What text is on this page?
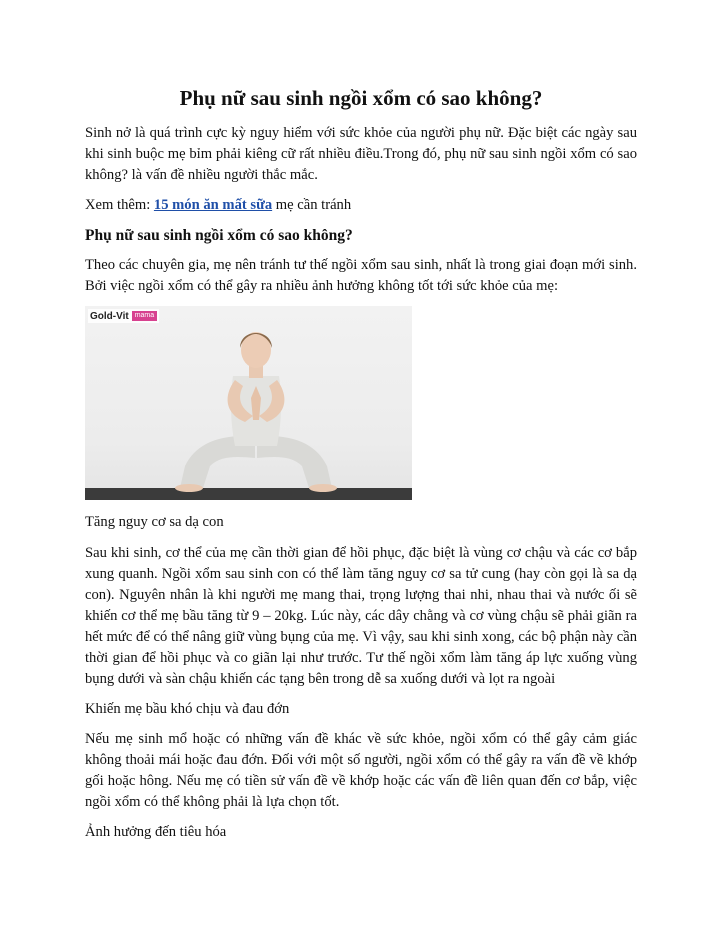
Phụ nữ sau sinh ngồi xổm có sao không?

Sinh nở là quá trình cực kỳ nguy hiểm với sức khỏe của người phụ nữ. Đặc biệt các ngày sau khi sinh buộc mẹ bỉm phải kiêng cữ rất nhiều điều.Trong đó, phụ nữ sau sinh ngồi xổm có sao không? là vấn đề nhiều người thắc mắc.

Xem thêm: 15 món ăn mất sữa mẹ cần tránh

Phụ nữ sau sinh ngồi xổm có sao không?

Theo các chuyên gia, mẹ nên tránh tư thế ngồi xổm sau sinh, nhất là trong giai đoạn mới sinh. Bởi việc ngồi xổm có thể gây ra nhiều ảnh hưởng không tốt tới sức khỏe của mẹ:

Gold-Vit mama

Tăng nguy cơ sa dạ con

Sau khi sinh, cơ thể của mẹ cần thời gian để hồi phục, đặc biệt là vùng cơ chậu và các cơ bắp xung quanh. Ngồi xổm sau sinh con có thể làm tăng nguy cơ sa tử cung (hay còn gọi là sa dạ con). Nguyên nhân là khi người mẹ mang thai, trọng lượng thai nhi, nhau thai và nước ối sẽ khiến cơ thể mẹ bầu tăng từ 9 – 20kg. Lúc này, các dây chằng và cơ vùng chậu sẽ phải giãn ra hết mức để có thể nâng giữ vùng bụng của mẹ. Vì vậy, sau khi sinh xong, các bộ phận này cần thời gian để hồi phục và co giãn lại như trước. Tư thế ngồi xổm làm tăng áp lực xuống vùng bụng dưới và sàn chậu khiến các tạng bên trong dễ sa xuống dưới và lọt ra ngoài

Khiến mẹ bầu khó chịu và đau đớn

Nếu mẹ sinh mổ hoặc có những vấn đề khác về sức khỏe, ngồi xổm có thể gây cảm giác không thoải mái hoặc đau đớn. Đối với một số người, ngồi xổm có thể gây ra vấn đề về khớp gối hoặc hông. Nếu mẹ có tiền sử vấn đề về khớp hoặc các vấn đề liên quan đến cơ bắp, việc ngồi xổm có thể không phải là lựa chọn tốt.

Ảnh hưởng đến tiêu hóa
